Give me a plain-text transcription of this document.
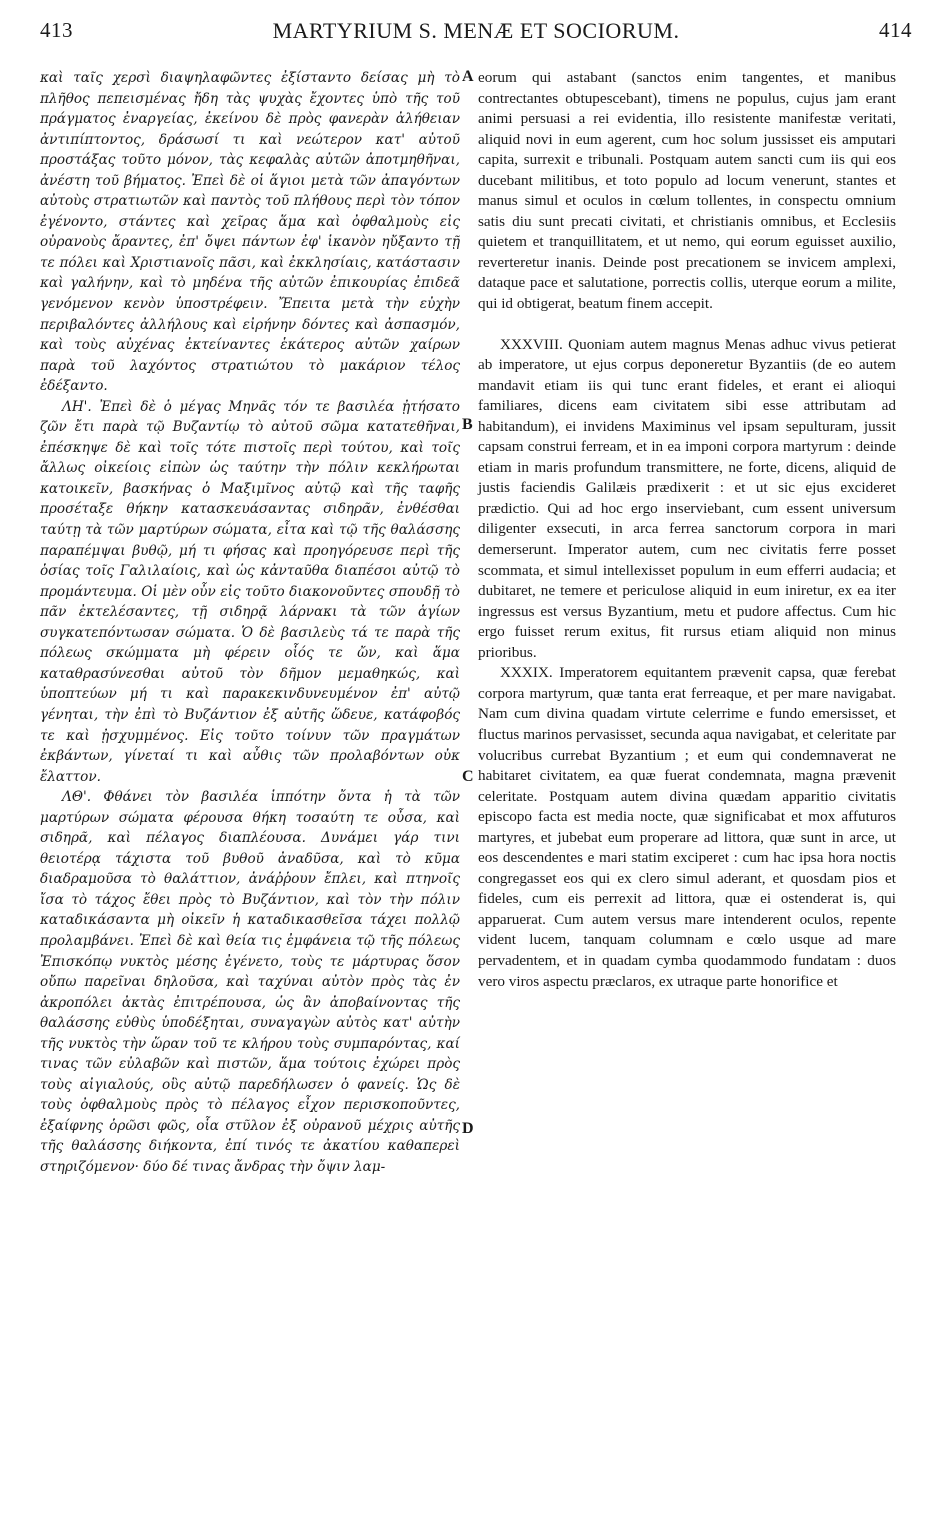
413	MARTYRIUM S. MENÆ ET SOCIORUM.	414

καὶ ταῖς χερσὶ διαψηλαφῶντες ἐξίσταντο δείσας μὴ τὸ πλῆθος πεπεισμένας ἤδη τὰς ψυχὰς ἔχοντες ὑπὸ τῆς τοῦ πράγματος ἐναργείας, ἐκείνου δὲ πρὸς φανερὰν ἀλήθειαν ἀντιπίπτοντος, δράσωσί τι καὶ νεώτερον κατ' αὐτοῦ προστάξας τοῦτο μόνον, τὰς κεφαλὰς αὐτῶν ἀποτμηθῆναι, ἀνέστη τοῦ βήματος. Ἐπεὶ δὲ οἱ ἅγιοι μετὰ τῶν ἀπαγόντων αὐτοὺς στρατιωτῶν καὶ παντὸς τοῦ πλήθους περὶ τὸν τόπον ἐγένοντο, στάντες καὶ χεῖρας ἅμα καὶ ὀφθαλμοὺς εἰς οὐρανοὺς ἄραντες, ἐπ' ὄψει πάντων ἐφ' ἱκανὸν ηὔξαντο τῇ τε πόλει καὶ Χριστιανοῖς πᾶσι, καὶ ἐκκλησίαις, κατάστασιν καὶ γαλήνην, καὶ τὸ μηδένα τῆς αὐτῶν ἐπικουρίας ἐπιδεᾶ γενόμενον κενὸν ὑποστρέφειν. Ἔπειτα μετὰ τὴν εὐχὴν περιβαλόντες ἀλλήλους καὶ εἰρήνην δόντες καὶ ἀσπασμόν, καὶ τοὺς αὐχένας ἐκτείναντες ἑκάτερος αὐτῶν χαίρων παρὰ τοῦ λαχόντος στρατιώτου τὸ μακάριον τέλος ἐδέξαντο.

ΛΗ'. Ἐπεὶ δὲ ὁ μέγας Μηνᾶς τόν τε βασιλέα ᾐτήσατο ζῶν ἔτι παρὰ τῷ Βυζαντίῳ τὸ αὐτοῦ σῶμα κατατεθῆναι, ἐπέσκηψε δὲ καὶ τοῖς τότε πιστοῖς περὶ τούτου, καὶ τοῖς ἄλλως οἰκείοις εἰπὼν ὡς ταύτην τὴν πόλιν κεκλήρωται κατοικεῖν, βασκήνας ὁ Μαξιμῖνος αὐτῷ καὶ τῆς ταφῆς προσέταξε θήκην κατασκευάσαντας σιδηρᾶν, ἐνθέσθαι ταύτῃ τὰ τῶν μαρτύρων σώματα, εἶτα καὶ τῷ τῆς θαλάσσης παραπέμψαι βυθῷ, μή τι φήσας καὶ προηγόρευσε περὶ τῆς ὁσίας τοῖς Γαλιλαίοις, καὶ ὡς κἀνταῦθα διαπέσοι αὐτῷ τὸ προμάντευμα. Οἱ μὲν οὖν εἰς τοῦτο διακονοῦντες σπουδῇ τὸ πᾶν ἐκτελέσαντες, τῇ σιδηρᾷ λάρνακι τὰ τῶν ἁγίων συγκατεπόντωσαν σώματα. Ὁ δὲ βασιλεὺς τά τε παρὰ τῆς πόλεως σκώμματα μὴ φέρειν οἷός τε ὤν, καὶ ἅμα καταθρασύνεσθαι αὐτοῦ τὸν δῆμον μεμαθηκώς, καὶ ὑποπτεύων μή τι καὶ παρακεκινδυνευμένον ἐπ' αὐτῷ γένηται, τὴν ἐπὶ τὸ Βυζάντιον ἐξ αὐτῆς ὥδευε, κατάφοβός τε καὶ ᾐσχυμμένος. Εἰς τοῦτο τοίνυν τῶν πραγμάτων ἐκβάντων, γίνεταί τι καὶ αὖθις τῶν προλαβόντων οὐκ ἔλαττον.

ΛΘ'. Φθάνει τὸν βασιλέα ἱππότην ὄντα ἡ τὰ τῶν μαρτύρων σώματα φέρουσα θήκη τοσαύτη τε οὖσα, καὶ σιδηρᾶ, καὶ πέλαγος διαπλέουσα. Δυνάμει γάρ τινι θειοτέρᾳ τάχιστα τοῦ βυθοῦ ἀναδῦσα, καὶ τὸ κῦμα διαδραμοῦσα τὸ θαλάττιον, ἀνάῤῥουν ἔπλει, καὶ πτηνοῖς ἴσα τὸ τάχος ἔθει πρὸς τὸ Βυζάντιον, καὶ τὸν τὴν πόλιν καταδικάσαντα μὴ οἰκεῖν ἡ καταδικασθεῖσα τάχει πολλῷ προλαμβάνει. Ἐπεὶ δὲ καὶ θεία τις ἐμφάνεια τῷ τῆς πόλεως Ἐπισκόπῳ νυκτὸς μέσης ἐγένετο, τοὺς τε μάρτυρας ὅσον οὔπω παρεῖναι δηλοῦσα, καὶ ταχύναι αὐτὸν πρὸς τὰς ἐν ἀκροπόλει ἀκτὰς ἐπιτρέπουσα, ὡς ἂν ἀποβαίνοντας τῆς θαλάσσης εὐθὺς ὑποδέξηται, συναγαγὼν αὐτὸς κατ' αὐτὴν τῆς νυκτὸς τὴν ὥραν τοῦ τε κλήρου τοὺς συμπαρόντας, καί τινας τῶν εὐλαβῶν καὶ πιστῶν, ἅμα τούτοις ἐχώρει πρὸς τοὺς αἰγιαλούς, οὓς αὐτῷ παρεδήλωσεν ὁ φανείς. Ὡς δὲ τοὺς ὀφθαλμοὺς πρὸς τὸ πέλαγος εἶχον περισκοποῦντες, ἐξαίφνης ὁρῶσι φῶς, οἷα στῦλον ἐξ οὐρανοῦ μέχρις αὐτῆς τῆς θαλάσσης διήκοντα, ἐπί τινός τε ἀκατίου καθαπερεὶ στηριζόμενον· δύο δέ τινας ἄνδρας τὴν ὄψιν λαμ-

A
B
C
D

eorum qui astabant (sanctos enim tangentes, et manibus contrectantes obtupescebant), timens ne populus, cujus jam erant animi persuasi a rei evidentia, illo resistente manifestæ veritati, aliquid novi in eum agerent, cum hoc solum jussisset eis amputari capita, surrexit e tribunali. Postquam autem sancti cum iis qui eos ducebant militibus, et toto populo ad locum venerunt, stantes et manus simul et oculos in cœlum tollentes, in conspectu omnium satis diu sunt precati civitati, et christianis omnibus, et Ecclesiis quietem et tranquillitatem, et ut nemo, qui eorum eguisset auxilio, reverteretur inanis. Deinde post precationem se invicem amplexi, dataque pace et salutatione, porrectis collis, uterque eorum a milite, qui id obtigerat, beatum finem accepit.

XXXVIII. Quoniam autem magnus Menas adhuc vivus petierat ab imperatore, ut ejus corpus deponeretur Byzantiis (de eo autem mandavit etiam iis qui tunc erant fideles, et erant ei alioqui familiares, dicens eam civitatem sibi esse attributam ad habitandum), ei invidens Maximinus vel ipsam sepulturam, jussit capsam construi ferream, et in ea imponi corpora martyrum : deinde etiam in maris profundum transmittere, ne forte, dicens, aliquid de justis faciendis Galilæis prædixerit : et ut sic ejus excideret prædictio. Qui ad hoc ergo inserviebant, cum essent universum diligenter exsecuti, in arca ferrea sanctorum corpora in mari demerserunt. Imperator autem, cum nec civitatis ferre posset scommata, et simul intellexisset populum in eum efferri audacia; et dubitaret, ne temere et periculose aliquid in eum iniretur, ex ea iter ingressus est versus Byzantium, metu et pudore affectus. Cum hic ergo fuisset rerum exitus, fit rursus etiam aliquid non minus prioribus.

XXXIX. Imperatorem equitantem prævenit capsa, quæ ferebat corpora martyrum, quæ tanta erat ferreaque, et per mare navigabat. Nam cum divina quadam virtute celerrime e fundo emersisset, et fluctus marinos pervasisset, secunda aqua navigabat, et celeritate par volucribus currebat Byzantium ; et eum qui condemnaverat ne habitaret civitatem, ea quæ fuerat condemnata, magna prævenit celeritate. Postquam autem divina quædam apparitio civitatis episcopo facta est media nocte, quæ significabat et mox affuturos martyres, et jubebat eum properare ad littora, quæ sunt in arce, ut eos descendentes e mari statim exciperet : cum hac ipsa hora noctis congregasset eos qui ex clero simul aderant, et quosdam pios et fideles, cum eis perrexit ad littora, quæ ei ostenderat is, qui apparuerat. Cum autem versus mare intenderent oculos, repente vident lucem, tanquam columnam e cœlo usque ad mare pervadentem, et in quadam cymba quodammodo fundatam : duos vero viros aspectu præclaros, ex utraque parte honorifice et
